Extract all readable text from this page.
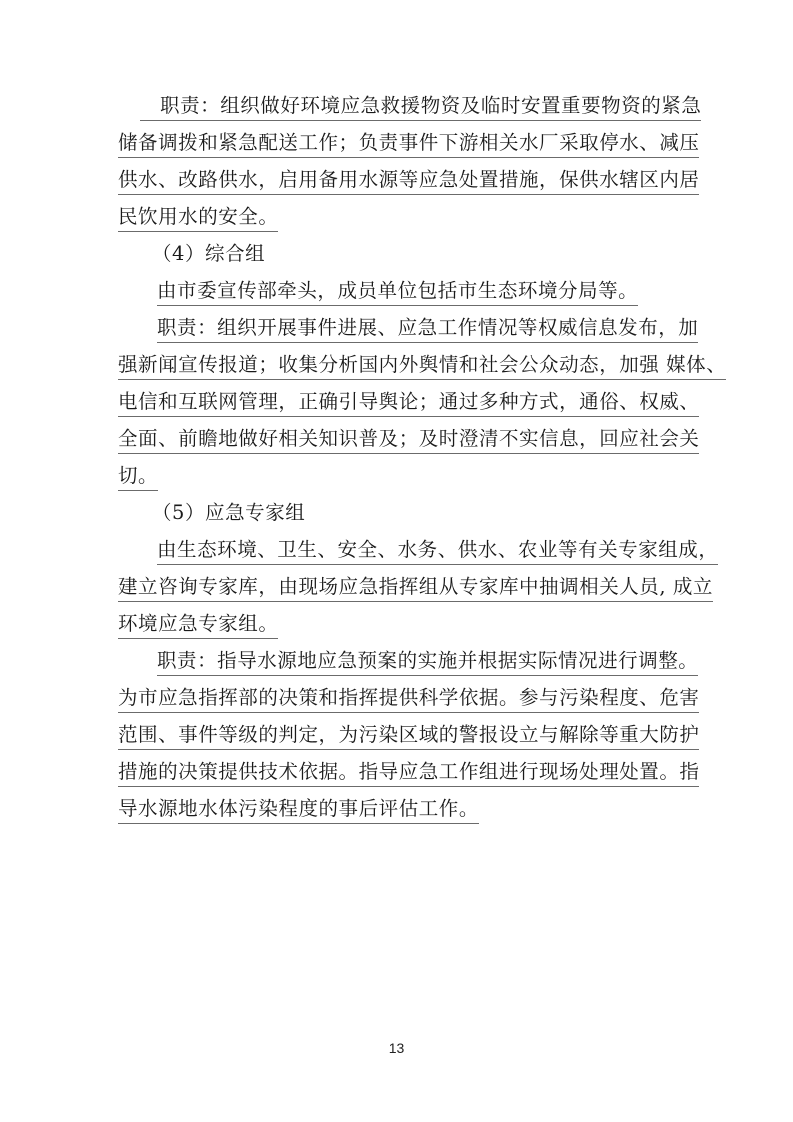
　职责：组织做好环境应急救援物资及临时安置重要物资的紧急
储备调拨和紧急配送工作；负责事件下游相关水厂采取停水、减压
供水、改路供水，启用备用水源等应急处置措施，保供水辖区内居
民饮用水的安全。
（4）综合组
由市委宣传部牵头，成员单位包括市生态环境分局等。
职责：组织开展事件进展、应急工作情况等权威信息发布，加
强新闻宣传报道；收集分析国内外舆情和社会公众动态，加强 媒体、
电信和互联网管理，正确引导舆论；通过多种方式，通俗、权威、
全面、前瞻地做好相关知识普及；及时澄清不实信息，回应社会关
切。
（5）应急专家组
由生态环境、卫生、安全、水务、供水、农业等有关专家组成，
建立咨询专家库，由现场应急指挥组从专家库中抽调相关人员, 成立
环境应急专家组。
职责：指导水源地应急预案的实施并根据实际情况进行调整。
为市应急指挥部的决策和指挥提供科学依据。参与污染程度、危害
范围、事件等级的判定，为污染区域的警报设立与解除等重大防护
措施的决策提供技术依据。指导应急工作组进行现场处理处置。指
导水源地水体污染程度的事后评估工作。
13
